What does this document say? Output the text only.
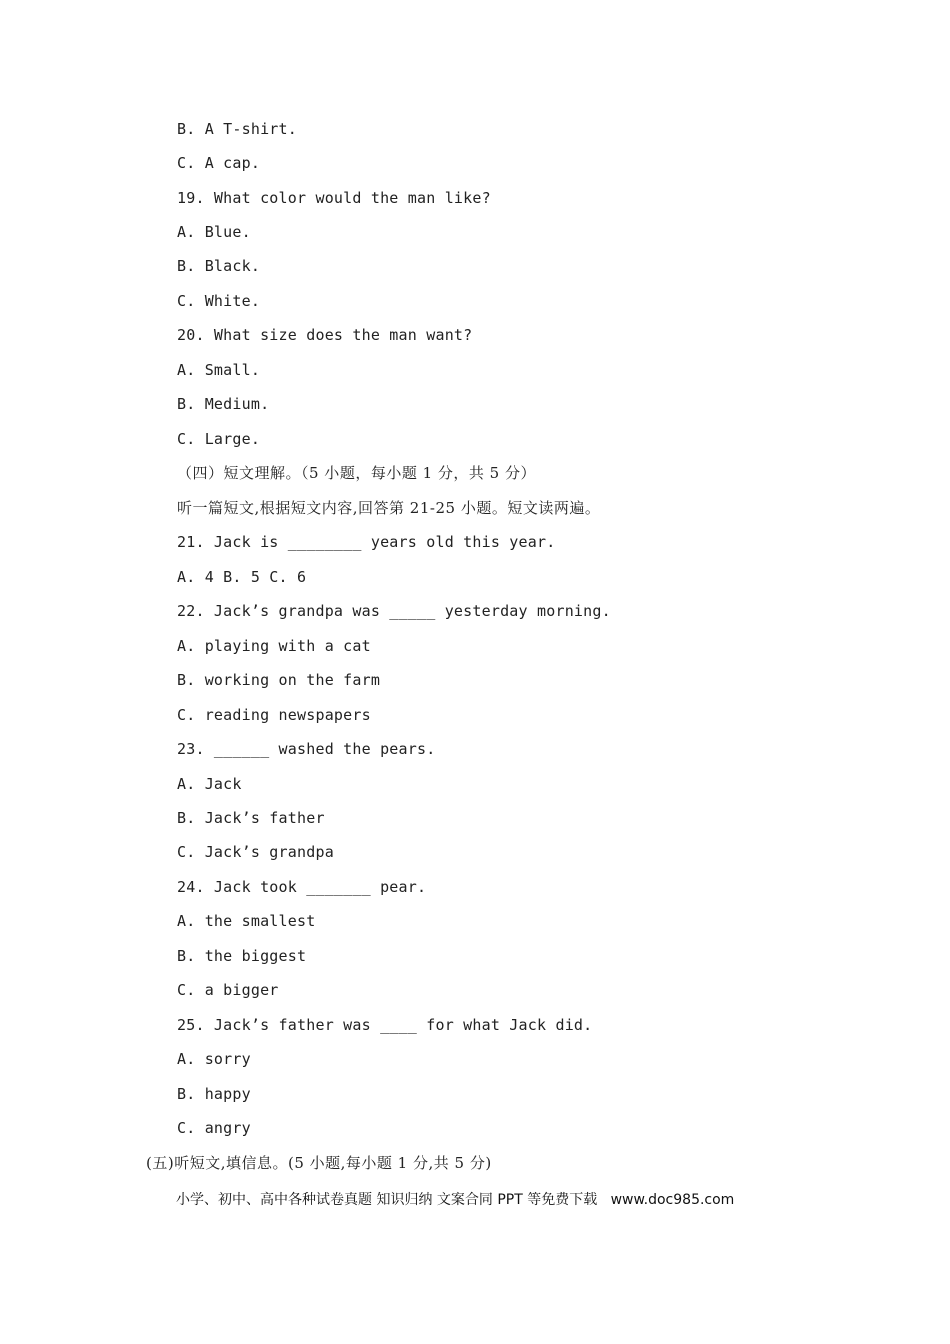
B. A T-shirt.
C. A cap.
19. What color would the man like?
A. Blue.
B. Black.
C. White.
20. What size does the man want?
A. Small.
B. Medium.
C. Large.
（四）短文理解。（5 小题，每小题 1 分，共 5 分）
听一篇短文,根据短文内容,回答第 21-25 小题。短文读两遍。
21. Jack is ________ years old this year.
A. 4 B. 5 C. 6
22. Jack’s grandpa was _____ yesterday morning.
A. playing with a cat
B. working on the farm
C. reading newspapers
23. ______ washed the pears.
A. Jack
B. Jack’s father
C. Jack’s grandpa
24. Jack took _______ pear.
A. the smallest
B. the biggest
C. a bigger
25. Jack’s father was ____ for what Jack did.
A. sorry
B. happy
C. angry
(五)听短文,填信息。(5 小题,每小题 1 分,共 5 分)
小学、初中、高中各种试卷真题 知识归纳 文案合同 PPT 等免费下载   www.doc985.com
